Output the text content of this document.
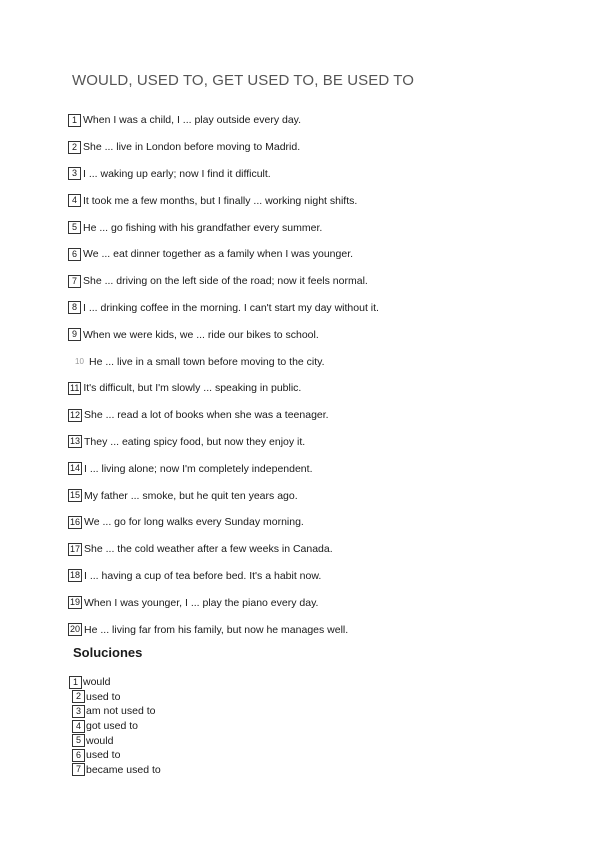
WOULD, USED TO, GET USED TO, BE USED TO
1 When I was a child, I ... play outside every day.
2 She ... live in London before moving to Madrid.
3 I ... waking up early; now I find it difficult.
4 It took me a few months, but I finally ... working night shifts.
5 He ... go fishing with his grandfather every summer.
6 We ... eat dinner together as a family when I was younger.
7 She ... driving on the left side of the road; now it feels normal.
8 I ... drinking coffee in the morning. I can't start my day without it.
9 When we were kids, we ... ride our bikes to school.
10 He ... live in a small town before moving to the city.
11 It's difficult, but I'm slowly ... speaking in public.
12 She ... read a lot of books when she was a teenager.
13 They ... eating spicy food, but now they enjoy it.
14 I ... living alone; now I'm completely independent.
15 My father ... smoke, but he quit ten years ago.
16 We ... go for long walks every Sunday morning.
17 She ... the cold weather after a few weeks in Canada.
18 I ... having a cup of tea before bed. It's a habit now.
19 When I was younger, I ... play the piano every day.
20 He ... living far from his family, but now he manages well.
Soluciones
1 would
2 used to
3 am not used to
4 got used to
5 would
6 used to
7 became used to
